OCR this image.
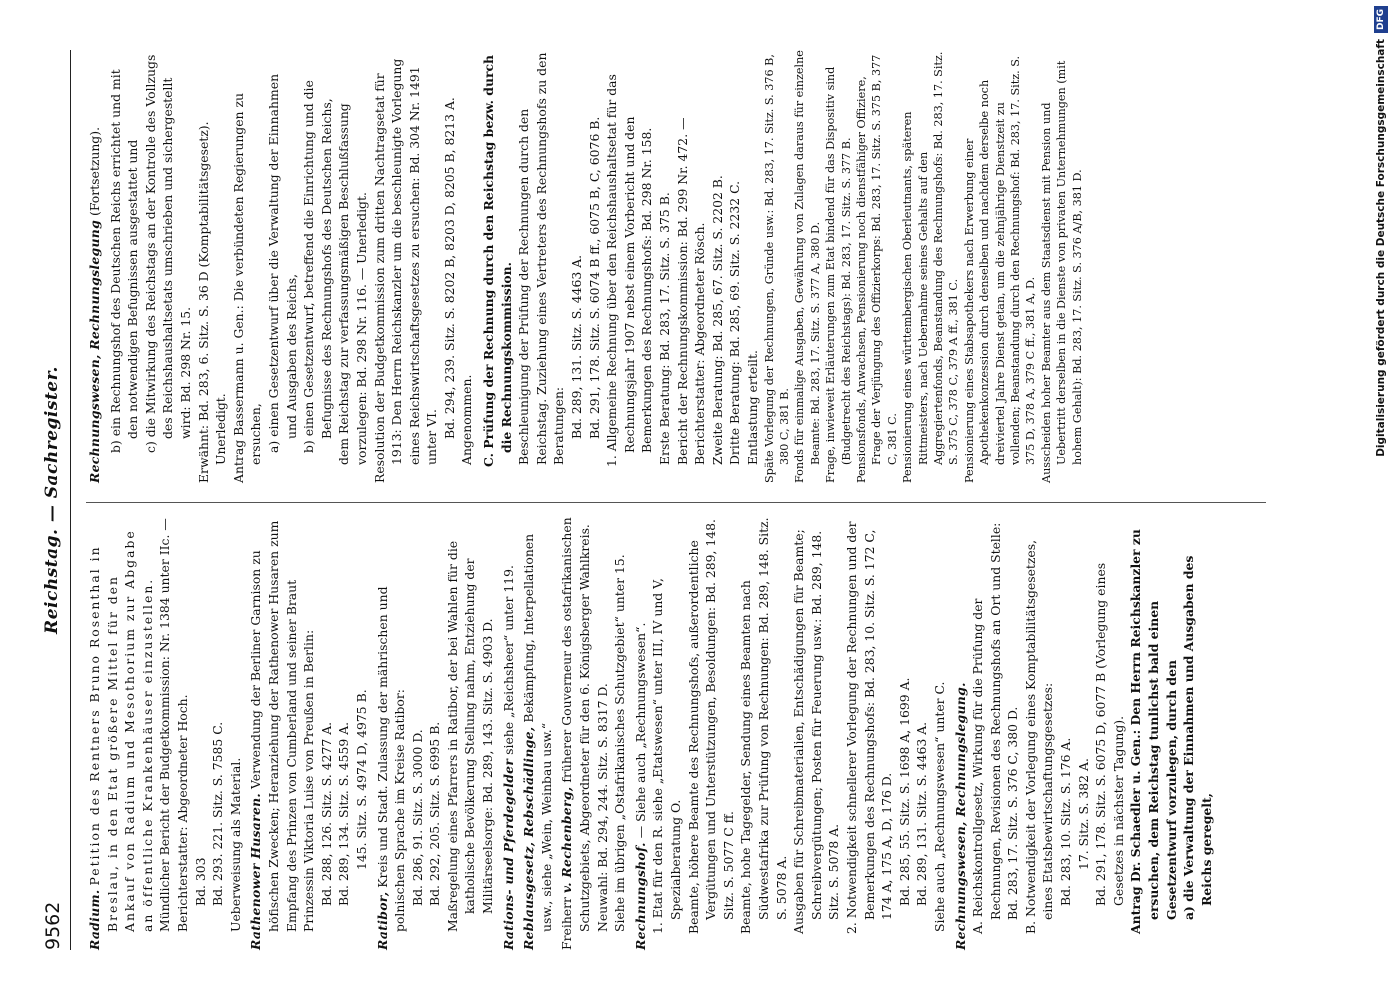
9562
Reichstag. — Sachregister.

Radium. Petition des Rentners Bruno Rosenthal in Breslau, in den Etat größere Mittel für den Ankauf von Radium und Mesothorium zur Abgabe an öffentliche Krankenhäuser einzustellen. Mündlicher Bericht der Budgetkommission: Nr. 1384 unter IIc. — Berichterstatter: Abgeordneter Hoch. Bd. 303 Bd. 293. 221. Sitz. S. 7585 C. Ueberweisung als Material. Rathenower Husaren. Verwendung der Berliner Garnison zu höfischen Zwecken; Heranziehung der Rathenower Husaren zum Empfang des Prinzen von Cumberland und seiner Braut Prinzessin Viktoria Luise von Preußen in Berlin: Bd. 288, 126. Sitz. S. 4277 A. Bd. 289, 134. Sitz. S. 4559 A. 145. Sitz. S. 4974 D, 4975 B.

Ratibor, Kreis und Stadt. Zulassung der mährischen und polnischen Sprache im Kreise Ratibor: Bd. 286, 91. Sitz. S. 3000 D. Bd. 292, 205. Sitz. S. 6995 B. Maßregelung eines Pfarrers in Ratibor, der bei Wahlen für die katholische Bevölkerung Stellung nahm, Entziehung der Militärseelsorge: Bd. 289, 143. Sitz. S. 4903 D. Rations- und Pferdegelder siehe „Reichsheer“ unter 119.

Reblausgesetz, Rebschädlinge, Bekämpfung, Interpellationen usw., siehe „Wein, Weinbau usw.“ Freiherr v. Rechenberg, früherer Gouverneur des ostafrikanischen Schutzgebiets, Abgeordneter für den 6. Königsberger Wahlkreis. Neuwahl: Bd. 294, 244. Sitz. S. 8317 D. Siehe im übrigen „Ostafrikanisches Schutzgebiet“ unter 15. Rechnungshof. — Siehe auch „Rechnungswesen“. 1. Etat für den R. siehe „Etatswesen“ unter III, IV und V, Spezialberatung O. Beamte, höhere Beamte des Rechnungshofs, außerordentliche Vergütungen und Unterstützungen, Besoldungen: Bd. 289, 148. Sitz. S. 5077 C ff. Beamte, hohe Tagegelder, Sendung eines Beamten nach Südwestafrika zur Prüfung von Rechnungen: Bd. 289, 148. Sitz. S. 5078 A. Ausgaben für Schreibmaterialien, Entschädigungen für Beamte; Schreibvergütungen; Posten für Feuerung usw.: Bd. 289, 148. Sitz. S. 5078 A. 2. Notwendigkeit schnellerer Vorlegung der Rechnungen und der Bemerkungen des Rechnungshofs: Bd. 283, 10. Sitz. S. 172 C, 174 A, 175 A, D, 176 D. Bd. 285, 55. Sitz. S. 1698 A, 1699 A. Bd. 289, 131. Sitz. S. 4463 A. Siehe auch „Rechnungswesen“ unter C. Rechnungswesen, Rechnungslegung. A. Reichskontrollgesetz, Wirkung für die Prüfung der Rechnungen, Revisionen des Rechnungshofs an Ort und Stelle: Bd. 283, 17. Sitz. S. 376 C, 380 D. B. Notwendigkeit der Vorlegung eines Komptabilitätsgesetzes, eines Etatsbewirtschaftungsgesetzes: Bd. 283, 10. Sitz. S. 176 A. 17. Sitz. S. 382 A. Bd. 291, 178. Sitz. S. 6075 D, 6077 B (Vorlegung eines Gesetzes in nächster Tagung). Antrag Dr. Schaedler u. Gen.: Den Herrn Reichskanzler zu ersuchen, dem Reichstag tunlichst bald einen Gesetzentwurf vorzulegen, durch den a) die Verwaltung der Einnahmen und Ausgaben des Reichs geregelt,

Rechnungswesen, Rechnungslegung (Fortsetzung). b) ein Rechnungshof des Deutschen Reichs errichtet und mit den notwendigen Befugnissen ausgestattet und c) die Mitwirkung des Reichstags an der Kontrolle des Vollzugs des Reichshaushaltsetats umschrieben und sichergestellt wird: Bd. 298 Nr. 15. Erwähnt: Bd. 283, 6. Sitz. S. 36 D (Komptabilitätsgesetz). Unerledigt. Antrag Bassermann u. Gen.: Die verbündeten Regierungen zu ersuchen, a) einen Gesetzentwurf über die Verwaltung der Einnahmen und Ausgaben des Reichs, b) einen Gesetzentwurf, betreffend die Einrichtung und die Befugnisse des Rechnungshofs des Deutschen Reichs, dem Reichstag zur verfassungsmäßigen Beschlußfassung vorzulegen: Bd. 298 Nr. 116. — Unerledigt. Resolution der Budgetkommission zum dritten Nachtragsetat für 1913: Den Herrn Reichskanzler um die beschleunigte Vorlegung eines Reichswirtschaftsgesetzes zu ersuchen: Bd. 304 Nr. 1491 unter VI. Bd. 294, 239. Sitz. S. 8202 B, 8203 D, 8205 B, 8213 A. Angenommen. C. Prüfung der Rechnung durch den Reichstag bezw. durch die Rechnungskommission. Beschleunigung der Prüfung der Rechnungen durch den Reichstag. Zuziehung eines Vertreters des Rechnungshofs zu den Beratungen: Bd. 289, 131. Sitz. S. 4463 A. Bd. 291, 178. Sitz. S. 6074 B ff., 6075 B, C, 6076 B. 1. Allgemeine Rechnung über den Reichshaushaltsetat für das Rechnungsjahr 1907 nebst einem Vorbericht und den Bemerkungen des Rechnungshofs: Bd. 298 Nr. 158. Erste Beratung: Bd. 283, 17. Sitz. S. 375 B. Bericht der Rechnungskommission: Bd. 299 Nr. 472. — Berichterstatter: Abgeordneter Rösch. Zweite Beratung: Bd. 285, 67. Sitz. S. 2202 B. Dritte Beratung: Bd. 285, 69. Sitz. S. 2232 C. Entlastung erteilt. Späte Vorlegung der Rechnungen, Gründe usw.: Bd. 283, 17. Sitz. S. 376 B, 380 C, 381 B. Fonds für einmalige Ausgaben, Gewährung von Zulagen daraus für einzelne Beamte: Bd. 283, 17. Sitz. S. 377 A, 380 D. Frage, inwieweit Erläuterungen zum Etat bindend für das Dispositiv sind (Budgetrecht des Reichstags): Bd. 283, 17. Sitz. S. 377 B. Pensionsfonds, Anwachsen, Pensionierung noch dienstfähiger Offiziere, Frage der Verjüngung des Offizierkorps: Bd. 283, 17. Sitz. S. 375 B, 377 C, 381 C. Pensionierung eines württembergischen Oberleutnants, späteren Rittmeisters, nach Uebernahme seines Gehalts auf den Aggregiertenfonds, Beanstandung des Rechnungshofs: Bd. 283, 17. Sitz. S. 375 C, 378 C, 379 A ff., 381 C. Pensionierung eines Stabsapothekers nach Erwerbung einer Apothekenkonzession durch denselben und nachdem derselbe noch dreiviertel Jahre Dienst getan, um die zehnjährige Dienstzeit zu vollenden; Beanstandung durch den Rechnungshof: Bd. 283, 17. Sitz. S. 375 D, 378 A, 379 C ff., 381 A, D. Ausscheiden hoher Beamter aus dem Staatsdienst mit Pension und Uebertritt derselben in die Dienste von privaten Unternehmungen (mit hohem Gehalt): Bd. 283, 17. Sitz. S. 376 A/B, 381 D.	Digitalisierung gefördert durch die Deutsche ForschungsgemeinschaftDFG
